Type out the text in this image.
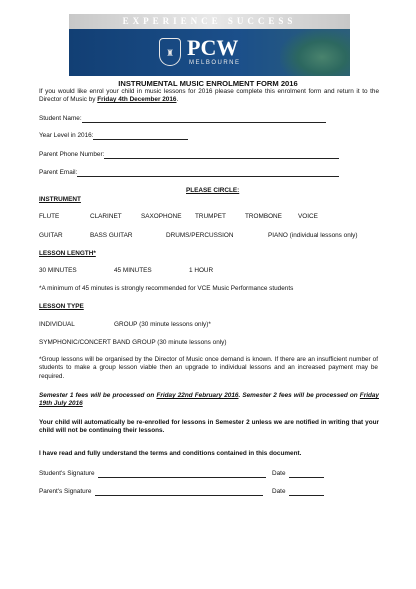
EXPERIENCE SUCCESS
♜ PCW
MELBOURNE
INSTRUMENTAL MUSIC ENROLMENT FORM 2016
If you would like enrol your child in music lessons for 2016 please complete this enrolment form and return it to the Director of Music by Friday 4th December 2016.
Student Name:
Year Level in 2016:
Parent Phone Number:
Parent Email:
PLEASE CIRCLE:
INSTRUMENT
FLUTE	CLARINET	SAXOPHONE TRUMPET	TROMBONE	VOICE
GUITAR	BASS GUITAR	DRUMS/PERCUSSION	PIANO (individual lessons only)
LESSON LENGTH*
30 MINUTES	45 MINUTES	1 HOUR
*A minimum of 45 minutes is strongly recommended for VCE Music Performance students
LESSON TYPE
INDIVIDUAL	GROUP (30 minute lessons only)*
SYMPHONIC/CONCERT BAND GROUP (30 minute lessons only)
*Group lessons will be organised by the Director of Music once demand is known. If there are an insufficient number of students to make a group lesson viable then an upgrade to individual lessons and an increased payment may be required.
Semester 1 fees will be processed on Friday 22nd February 2016. Semester 2 fees will be processed on Friday 19th July 2016
Your child will automatically be re-enrolled for lessons in Semester 2 unless we are notified in writing that your child will not be continuing their lessons.
I have read and fully understand the terms and conditions contained in this document.
Student's Signature	Date
Parent's Signature	Date
